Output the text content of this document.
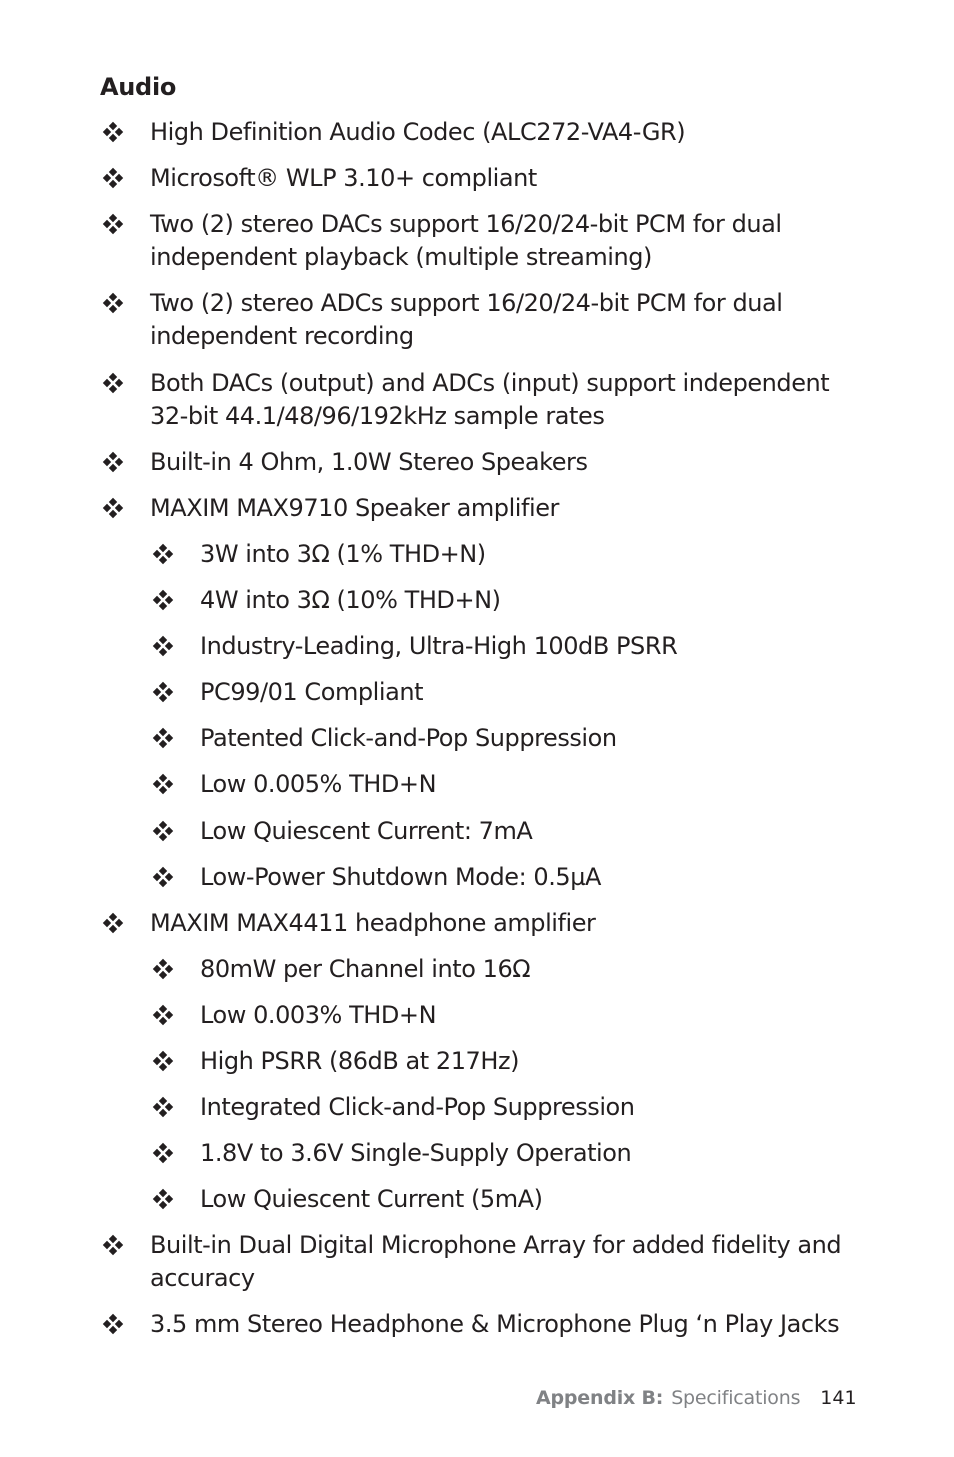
Audio
High Definition Audio Codec (ALC272-VA4-GR)
Microsoft® WLP 3.10+ compliant
Two (2) stereo DACs support 16/20/24-bit PCM for dual independent playback (multiple streaming)
Two (2) stereo ADCs support 16/20/24-bit PCM for dual independent recording
Both DACs (output) and ADCs (input) support independent 32-bit 44.1/48/96/192kHz sample rates
Built-in 4 Ohm, 1.0W Stereo Speakers
MAXIM MAX9710 Speaker amplifier
3W into 3Ω (1% THD+N)
4W into 3Ω (10% THD+N)
Industry-Leading, Ultra-High 100dB PSRR
PC99/01 Compliant
Patented Click-and-Pop Suppression
Low 0.005% THD+N
Low Quiescent Current: 7mA
Low-Power Shutdown Mode: 0.5µA
MAXIM MAX4411 headphone amplifier
80mW per Channel into 16Ω
Low 0.003% THD+N
High PSRR (86dB at 217Hz)
Integrated Click-and-Pop Suppression
1.8V to 3.6V Single-Supply Operation
Low Quiescent Current (5mA)
Built-in Dual Digital Microphone Array for added fidelity and accuracy
3.5 mm Stereo Headphone & Microphone Plug ‘n Play Jacks
Appendix B: Specifications 141
